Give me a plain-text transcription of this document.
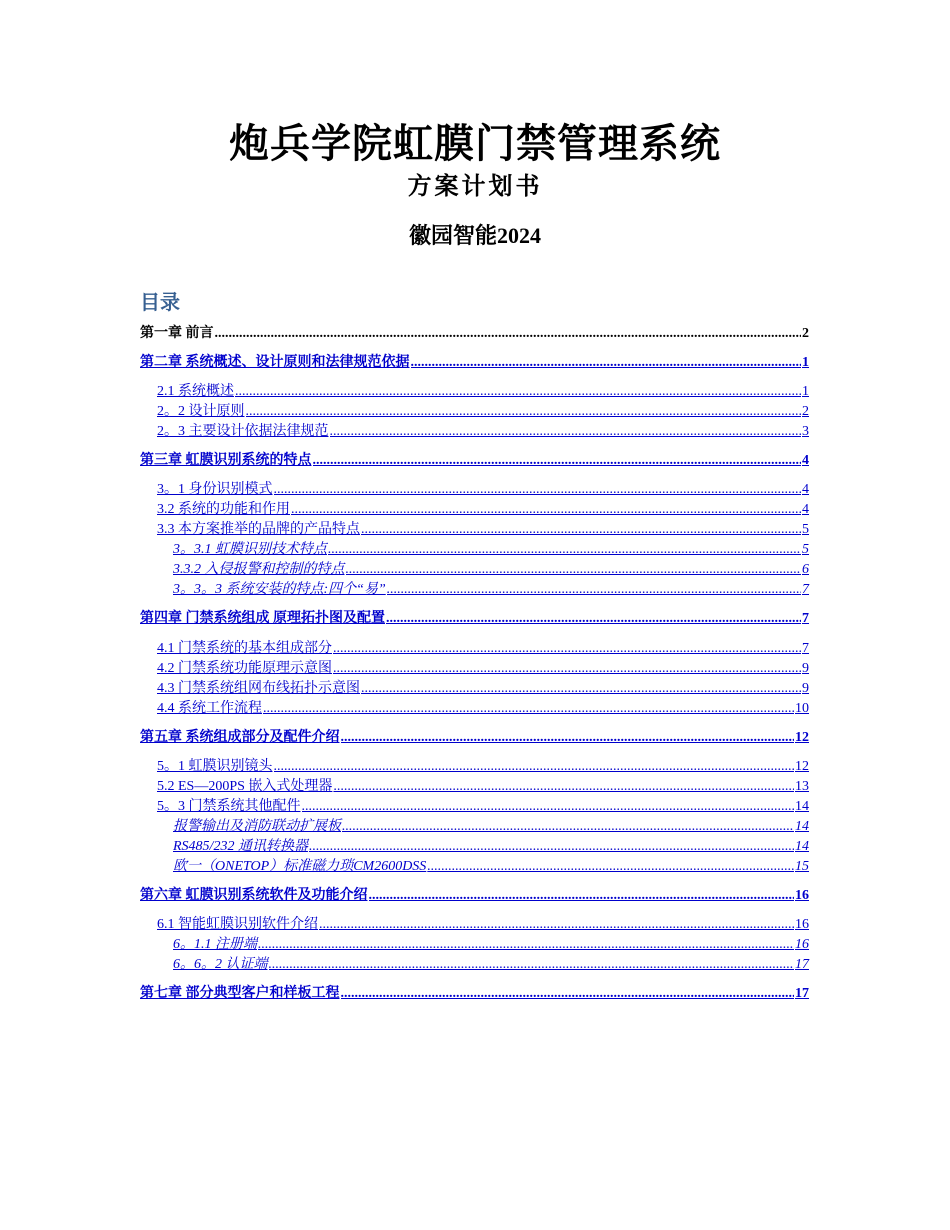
炮兵学院虹膜门禁管理系统
方案计划书
徽园智能2024
目录
第一章 前言 .....	2
第二章 系统概述、设计原则和法律规范依据 .....	1
2.1 系统概述 .....	1
2。2 设计原则 .....	2
2。3 主要设计依据法律规范 .....	3
第三章 虹膜识别系统的特点 .....	4
3。1 身份识别模式 .....	4
3.2 系统的功能和作用 .....	4
3.3 本方案推举的品牌的产品特点 .....	5
3。3.1 虹膜识别技术特点 .....	5
3.3.2 入侵报警和控制的特点 .....	6
3。3。3 系统安装的特点:四个“易” .....	7
第四章 门禁系统组成 原理拓扑图及配置 .....	7
4.1 门禁系统的基本组成部分 .....	7
4.2 门禁系统功能原理示意图 .....	9
4.3 门禁系统组网布线拓扑示意图 .....	9
4.4 系统工作流程 .....	10
第五章 系统组成部分及配件介绍 .....	12
5。1 虹膜识别镜头 .....	12
5.2 ES—200PS 嵌入式处理器 .....	13
5。3 门禁系统其他配件 .....	14
报警输出及消防联动扩展板 .....	14
RS485/232 通讯转换器 .....	14
欧一（ONETOP）标准磁力琐CM2600DSS .....	15
第六章 虹膜识别系统软件及功能介绍 .....	16
6.1 智能虹膜识别软件介绍 .....	16
6。1.1 注册端 .....	16
6。6。2 认证端 .....	17
第七章 部分典型客户和样板工程 .....	17
